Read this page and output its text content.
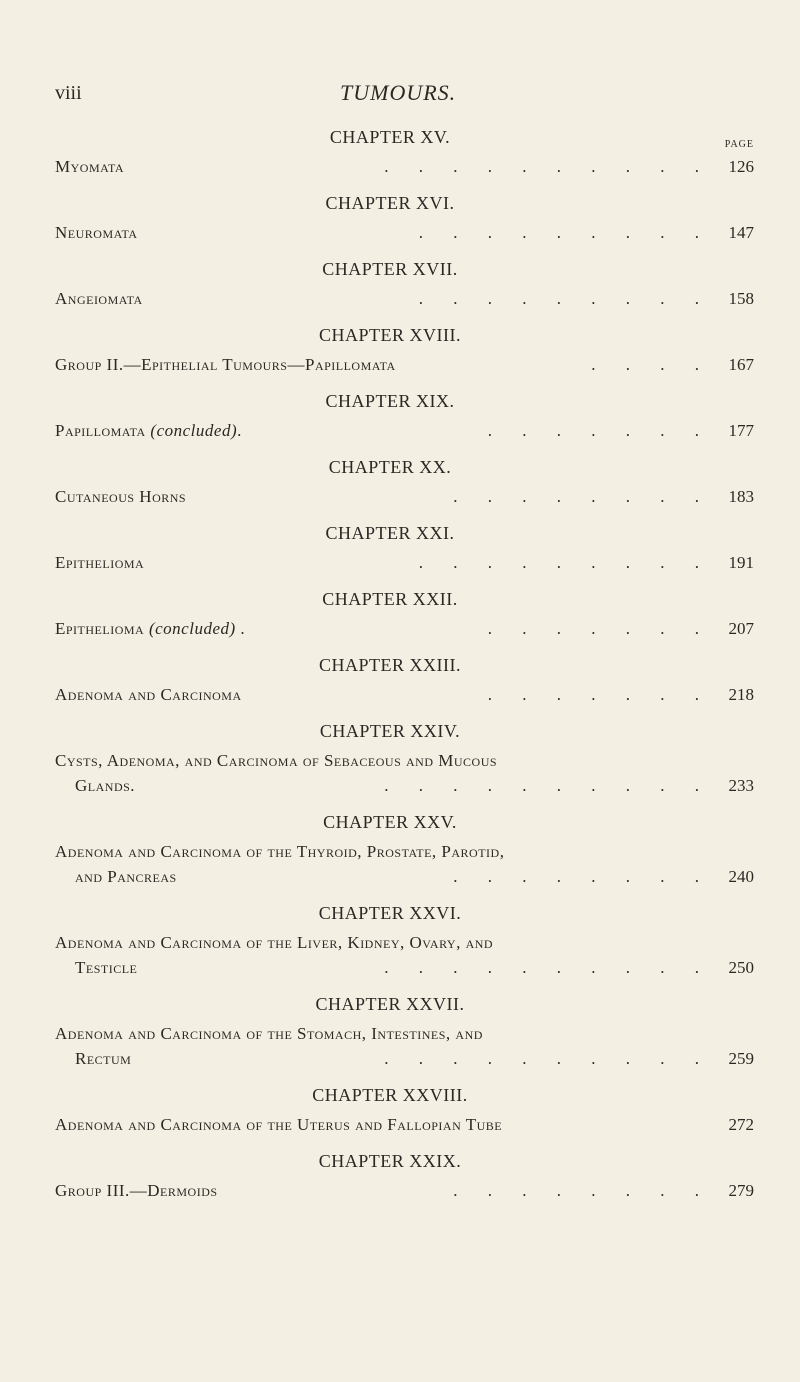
viii	TUMOURS.
PAGE
CHAPTER XV.
Myomata	. . . . . . . . . . 126
CHAPTER XVI.
Neuromata	. . . . . . . . . 147
CHAPTER XVII.
Angeiomata	. . . . . . . . . 158
CHAPTER XVIII.
Group II.—Epithelial Tumours—Papillomata	. . . . 167
CHAPTER XIX.
Papillomata (concluded).	. . . . . . . 177
CHAPTER XX.
Cutaneous Horns	. . . . . . . . 183
CHAPTER XXI.
Epithelioma	. . . . . . . . . 191
CHAPTER XXII.
Epithelioma (concluded) .	. . . . . . . 207
CHAPTER XXIII.
Adenoma and Carcinoma	. . . . . . . 218
CHAPTER XXIV.
Cysts, Adenoma, and Carcinoma of Sebaceous and Mucous
Glands.	. . . . . . . . . . 233
CHAPTER XXV.
Adenoma and Carcinoma of the Thyroid, Prostate, Parotid,
and Pancreas	. . . . . . . . 240
CHAPTER XXVI.
Adenoma and Carcinoma of the Liver, Kidney, Ovary, and
Testicle	. . . . . . . . . . 250
CHAPTER XXVII.
Adenoma and Carcinoma of the Stomach, Intestines, and
Rectum	. . . . . . . . . . 259
CHAPTER XXVIII.
Adenoma and Carcinoma of the Uterus and Fallopian Tube	272
CHAPTER XXIX.
Group III.—Dermoids	. . . . . . . . 279
